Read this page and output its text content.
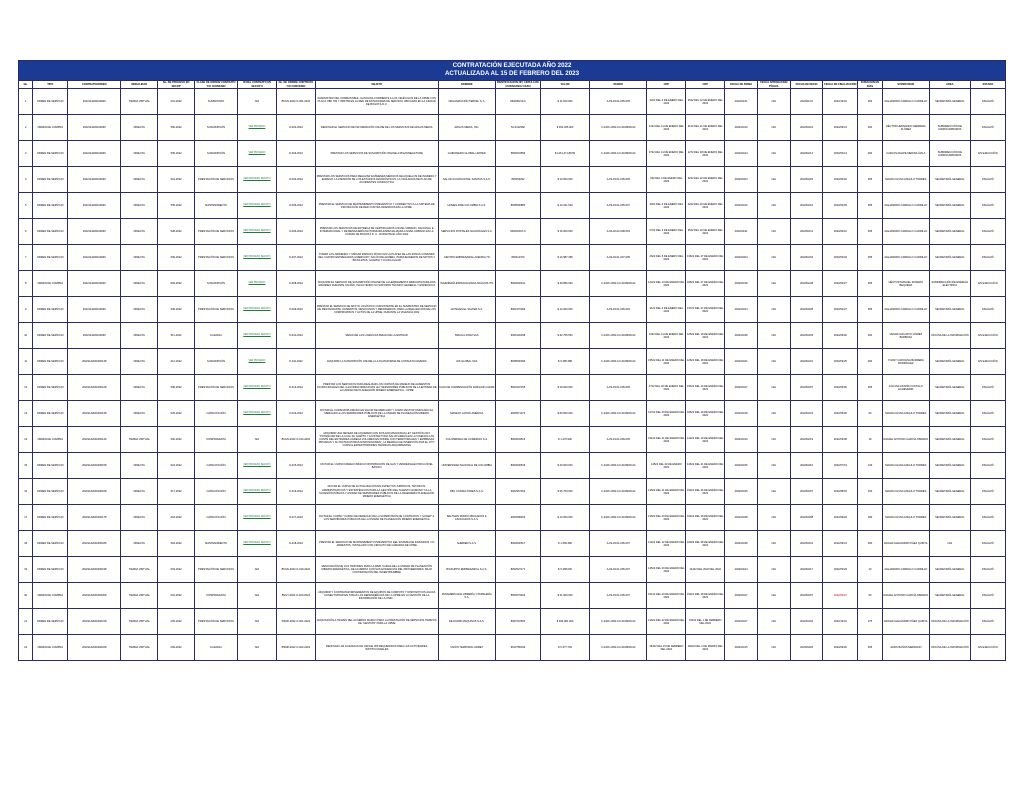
CONTRATACIÓN EJECUTADA AÑO 2022
ACTUALIZADA AL 15 DE FEBRERO DEL 2023																						

No.	TIPO	CONTRATO/ORDEN	MODALIDAD	No. DE PROCESO EN SECOP	CLASE DE ORDEN/ CONTRATO Y/O CONVENIO	ID DEL CONTRATO EN SECOP II	No. DE ORDEN/ CONTRATO Y/O CONVENIO	OBJETO	NOMBRE	IDENTIFICACIÓN NIT, CEDULA DE CIUDADANIA/ CEDU	VALOR	RUBRO	CDP	CRP	FECHA DE FIRMA	FECHA APROBACIÓN PÓLIZA	FECHA DE INICIO	FECHA DE FINALIZACIÓN	DURACIÓN EN DÍAS	SUPERVISOR	ÁREA	ESTADO
1	ORDEN DE SERVICIO	2022114200100006	TIENDA VIRTUAL	001-2022	SUMINISTRO	N/A	BVGN-2022 O-001-2022	SUMINISTRO DEL COMBUSTIBLE, GASOLINA CORRIENTE A LOS VEHÍCULOS DE LA UPME CON PLACA OBF 783 Y OBF783 EN LA RED DE ESTACIONES DE SERVICIO UBICADAS EN LA CIUDAD DE BOGOTÁ D.C.	ORGANIZACIÓN TERPEL S. A.	830095213-0	$ 11.000.000	A-03-03-01-005-005	3222 DEL 6 DE ENERO DEL 2022	2522 DEL 12 DE ENERO DEL 2022	2022/02/11	N/A	2022/01/11	2022/12/31	352	ALEJANDRO CARRILLO CARRILLO	SECRETARÍA GENERAL	FINALIZÓ
2	ORDEN DE COMPRA	2022114200100036	DIRECTA	506-2022	SUSCRIPCIÓN	VER PROCESO	O-002-2022	RENOVAR EL SERVICIO DE INFORMACIÓN ONLINE DE LOS SERVICIOS DE ARGUS MEDIA	ARGUS MEDIA, INC.	52-2132382	$ 362.465.000	C-2106-1000-0-0-2108003-02	3122 DEL 11 DE ENERO DEL 2022	3122 DEL 21 DE ENERO DEL 2022	2022/02/10	N/A	2022/04/01	2023/03/31	364	HÉCTOR HERNANDO HERRERA FLÓREZ	SUBDIRECCIÓN DE HIDROCARBUROS	FINALIZÓ
3	ORDEN DE SERVICIO	2022114200100036	DIRECTA	505-2022	SUSCRIPCIÓN	VER PROCESO	O-003-2022	PRESTAR LOS SERVICIOS DE SUSCRIPCIÓN ONLINE A RIGZONE/ACTURE	GUIDONERO GLOBAL LIMITED	5500034559	$ 146.147.188,50	C-2106-1000-0-0-2108003-02	3722 DEL 11 DE ENERO DEL 2022	1272 DEL 18 DE ENERO DEL 2022	2022/02/14	N/A	2022/02/14	2023/02/13	364	CARLOS FELIPE MEDINA ÁVILA	SUBDIRECCIÓN DE HIDROCARBUROS	EN EJECUCIÓN
4	ORDEN DE SERVICIO	2022114200100036	DIRECTA	524-2022	PRESTACIÓN DE SERVICIOS	VER PROCESO SECOP II	O-004-2022	PRESTAR LOS SERVICIOS PARA REALIZAR EXÁMENES MÉDICOS DE AQUELLOS DE INGRESO Y EGRESO, LA ATENCIÓN DE LOS ESTUDIOS DIAGNÓSTICOS, LA VIGILANCIA DE PLAN DE ACCIDENTES CONDUCTICA	SALUD OCUPACIONAL SANITAS S.A.S.	830054292	$ 13.000.000	A-03-03-01-005-005	932 DEL 3 DE ENERO DEL 2022	3222 DEL 22 DE ENERO DEL 2022	2022/02/03	N/A	2022/02/03	2023/02/02	365	MAGDA ILIANA ANGULO TORRES	SECRETARÍA GENERAL	FINALIZÓ
5	ORDEN DE SERVICIO	2022114200100036	DIRECTA	505-2022	MANTENIMIENTO	VER PROCESO SECOP II	O-005-2022	PRESTAR EL SERVICIO DE MANTENIMIENTO PREVENTIVO Y CORRECTIVO A LA SISTEMA DE PROTECCIÓN DE RED CONTRA INCENDIOS EN LA UPME.	HOMES FIRE COLOMBIA S.A.S.	8008500880	$ 14.021.540	A-03-03-01-005-007	3022 DEL 6 DE ENERO DEL 2022	4222 DEL 20 DE ENERO DEL 2022	2022/02/10	N/A	2022/02/10	2023/02/09	365	ALEJANDRO CARRILLO CARRILLO	SECRETARÍA GENERAL	FINALIZÓ
6	ORDEN DE SERVICIO	2022114200100036	DIRECTA	528-2022	PRESTACIÓN DE SERVICIOS	VER PROCESO SECOP II	O-006-2022	PRESTAR LOS SERVICIOS DE ENTREGA DE CERTIFICADOS A NIVEL URBANO, NACIONAL E INTERNACIONAL Y DE MENSAJERÍA MOTORIZADA ESPECIALIZADA A NIVEL URBANO EN LA CIUDAD DE BOGOTÁ D. C., DURANTE EL AÑO 2022	SERVICIOS POSTALES NACIONALES S.A.	900062917-9	$ 16.000.000	A-02-02-02-008-003	2722 DEL 6 DE ENERO DEL 2022	3522 DEL 22 DE ENERO DEL 2022	2022/02/11	N/A	2022/02/11	2023/02/10	365	ALEJANDRO CARRILLO CARRILLO	SECRETARÍA GENERAL	FINALIZÓ
7	ORDEN DE SERVICIO	2022114200100036	DIRECTA	609-2022	PRESTACIÓN DE SERVICIOS	VER PROCESO SECOP II	O-007-2022	TOMAR LOS ARRIENDO Y UBICAR ESPACIO FÍSICO EN LA PLATEA DE LAS ZONAS COMUNES DEL CUATRO ENTREGADOS A MERCURY, SALÓN DE ALMERA, PARQUEADEROS DE MOTOS Y BICICLETAS, GUARDA Y AYUDA ALGAR	CENTRO EMPRESARIAL AVENIDA 7N	800012700	$ 14.987.368	A-03-03-01-007-005	2622 DEL 6 DE ENERO DEL 2022	13622 DEL 27 DE ENERO DEL 2022	2022/02/04	N/A	2022/02/04	2023/02/03	365	ALEJANDRO CARRILLO CARRILLO	SECRETARÍA GENERAL	FINALIZÓ
8	ORDEN DE COMPRA	2022114200100006	DIRECTA	609-2022	SUSCRIPCIÓN	VER PROCESO	O-008-2022	ADQUIRIR EL SERVICIO DE SUSCRIPCIÓN ONLINE DE LA HERRAMIENTA WEB DATA PARA DOS GRANDES DURANTE UN AÑO, INCLUYENDO SU SOPORTE TÉCNICO GENERAL Y ESPECÍFICO	INGENIERÍA ESPECIALIZADA ANÁLISIS ITN	8000602341	$ 49.856.020	C-2106-1000-0-0-2108003-02	12422 DEL 13 DE ENERO DEL 2022	18622 DEL 27 DE ENERO DEL 2022	2022/02/18	N/A	2022/02/28	2023/02/27	365	HÉCTOR MANUEL ROSERO BEQUERA	SUBDIRECCIÓN DE ENERGÍA ELÉCTRICA	EN EJECUCIÓN
9	ORDEN DE SERVICIO	2022114200100036	DIRECTA	606-2022	PRESTACIÓN DE SERVICIOS	VER PROCESO SECOP II	O-009-2022	PRESTAR EL SERVICIO DE APOYO LOGÍSTICO CONSISTENTE EN EL SUMINISTRO DE SERVICIO DE RESTAURANTE, ALIMENTOS, DESAYUNOS Y REFRIGERIOS, PARA LA REALIZACIÓN DE LOS COMPROMISOS Y ACTOS DE LA UPME, DURANTE LA VIGENCIA 2022	HOTELES EL SALTER S.A.	8002470069	$ 14.000.000	A-03-03-01-006-003	3122 DEL 6 DE ENERO DEL 2022	13722 DEL 27 DE ENERO DEL 2022	2022/02/24	N/A	2022/03/28	2023/02/27	365	ALEJANDRO CARRILLO CARRILLO	SECRETARÍA GENERAL	FINALIZÓ
10	ORDEN DE SERVICIO	2022114200100036	DIRECTA	511-2022	LICENCIA	VER PROCESO SECOP II	O-010-2022	RENOVAR LAS LICENCIAS BIZAGI DE LA ENTIDAD	BIZAGI LATAM SAS	9009120348	$ 42.765.554	C-2106-1000-0-0-2108003-02	3422 DEL 11 DE ENERO DEL 2022	12522 DEL 18 DE ENERO DEL 2022	2022/02/28	N/A	2022/03/03	2023/03/02	364	CESAR AUGUSTO GÓMEZ BARBOSA	OFICINA DE LA INFORMACIÓN	EN EJECUCIÓN
11	ORDEN DE SERVICIO	20221142001000138	DIRECTA	612-2022	SUSCRIPCIÓN	VER PROCESO	O-011-2022	ADQUIRIR LA SUSCRIPCIÓN ONLINE A LA PLATAFORMA DE CONSULTA IHS/IEDA	IHS GLOBAL SAS	8008500096	$ 9.486.388	C-2106-1000-0-0-2108003-02	15522 DEL 11 DE ENERO DEL 2022	12622 DEL 18 DE ENERO DEL 2022	2022/02/21	N/A	2022/04/01	2023/03/25	364	YOANY CAROLINA BARRERA RODRÍGUEZ	SECRETARÍA GENERAL	EN EJECUCIÓN
12	ORDEN DE SERVICIO	20221142001000128	DIRECTA	508-2022	PRESTACIÓN DE SERVICIOS	VER PROCESO SECOP II	O-012-2022	PRESTAR LOS SERVICIOS PARA REALIZAR LOS CURSOS DE MANEJO DE ALIMENTOS OCUPACIONALES DEL A ACUDIDA DIRECTIVAS LEY SERVIDORES PÚBLICOS DE LA ENTIDAD DE LA UNIDAD DE PLANEACIÓN MINERO ENERGÉTICA - UPME	CAJA DE COMPENSACIÓN FAMILIAR CAFAM	8600197155	$ 19.000.000	A-03-03-01-005-005	4722 DEL 20 DE ENERO DEL 2022	15422 DEL 24 DE ENERO DEL 2022	2022/02/27	N/A	2022/03/07	2023/03/06	365	JULIANA ASTRID CASTILLO ECHEVERRI	SECRETARÍA GENERAL	FINALIZÓ
13	ORDEN DE SERVICIO	20221142001000138	DIRECTA	525-2022	CAPACITACIÓN	VER PROCESO SECOP II	O-013-2022	DICTAR EL CURSO/DIPLOMADO EN VALOR DE MERCADO Y COMO-VECTOR UNIFICADO EL MERCADO A LOS SERVIDORES PÚBLICOS DE LA UNIDAD DE PLANEACIÓN MINERO ENERGÉTICA	MANEJO LATINO AMÉRICA	9000571373	$ 50.500.000	C-2106-1000-0-0-2108003-02	14722 DEL 20 DE ENERO DEL 2022	18622 DEL 29 DE ENERO DEL 2022	2022/02/18	N/A	2022/03/01	2022/04/30	60	MAGDA ILIANA ANGULO TORRES	SECRETARÍA GENERAL	FINALIZÓ
14	ORDEN DE COMPRA	20221142001000149	TIENDA VIRTUAL	600-2022	COMPRAVENTA	N/A	BVGN-2022 O-014-2022	ADQUIRIR UNA NEVERA DE AQUAREDI CON DOS EXQUISICIONAS LEY GESTIÓN 2017 "POTENCIAR DE LA CUAL SU ACEPTA Y AJUSTAR TODA SALUD AMELIA EN LA VIGENCIA LAS CONTÉ DEL ENTIDADES AGREGA VOLUMEN EN DONDE CON TERRITORIALES Y EMPRESAS PRIVADAS Y SU DICTAN ATORAS DISPOSICIONES", LA MEDIDA FUE INSERCIÓN POR EL CITY CONSUL EXPEDITORIONES TEÓRICAS ADQUIRIENTES	COLOMBIANA DE COMERCIO S.A.	8900004516	$ 1.470.900	A-03-01-01-009-005	15122 DEL 31 DE ENERO DEL 2022	14222 DEL 19 DE ENERO DEL 2022	2022/02/19	N/A	2022/02/19	2022/03/08	19	RAFAEL ANTONIO GARCÍA OBANDO	SECRETARÍA GENERAL	FINALIZÓ
15	ORDEN DE SERVICIO	20221142001000158	DIRECTA	524-2022	CAPACITACIÓN	VER PROCESO SECOP II	O-015-2022	DICTAR EL CURSO MANEJO BÁSICO DISTRIBUCIÓN DE GAS Y VENDER ELÉCTRICA NIVEL BÁSICO	UNIVERSIDAD NACIONAL DE COLOMBIA	8000000633	$ 20.000.000	C-2106-1000-0-0-2108003-02	14522 DEL 20 DE ENERO 2022	14622 DEL 21 DE ENERO DEL 2022	2022/02/25	N/A	2022/03/10	2022/07/19	130	MAGDA ILIANA ANGULO TORRES	SECRETARÍA GENERAL	FINALIZÓ
16	ORDEN DE SERVICIO	20221142001000168	DIRECTA	617-2022	CAPACITACIÓN	VER PROCESO SECOP II	O-016-2022	DICTAR EL CURSO DE ACTUALIZACIÓN EN ASPECTOS JURÍDICOS, TÉCNICOS, ADMINISTRATIVOS Y ESTRATÉGICOS PARA LA GESTIÓN DEL TALENTO HUMANO Y/A LA SUCESIÓN PÚBLICA Y UNIDAD DE SERVIDORES PÚBLICOS DE LA INGENIERÍA PLANEACIÓN MINERO ENERGÉTICA	FBC CONSULTORES S.A.S.	9002957362	$ 26.700.000	C-2106-1000-0-0-2108003-02	14522 DEL 21 DE ENERO DEL 2022	15222 DEL 26 DE ENERO DEL 2022	2022/02/25	N/A	2022/03/07	2022/08/03	150	MAGDA ILIANA ANGULO TORRES	SECRETARÍA GENERAL	FINALIZÓ
17	ORDEN DE SERVICIO	20221142001000178	DIRECTA	618-2022	CAPACITACIÓN	VER PROCESO SECOP II	O-017-2022	DICTAR EL CURSO "CURSO DE DERECHO DE LA SUPERVISIÓN DE CONTRATOS Y SUCEP" A LOS SERVIDORES PÚBLICOS DE LA UNIDAD DE PLANEACIÓN MINERO ENERGÉTICA	BALTMAN PARDO ABOGADOS & ASOCIADOS S.A.S.	9000058200	$ 13.000.000	C-2106-1000-0-0-2108003-02	13522 DEL 20 DE ENERO DEL 2022	16422 DEL 28 DE ENERO DEL 2022	2022/02/28	N/A	2022/03/08	2022/09/04	180	MAGDA ILIANA ANGULO TORRES	SECRETARÍA GENERAL	FINALIZÓ
18	ORDEN DE SERVICIO	20221142001000186	DIRECTA	618-2022	MANTENIMIENTO	VER PROCESO SECOP II	O-018-2022	PRESTAR EL SERVICIO DE MANTENIMIENTO PREVENTIVO DEL SISTEMA DE INCENDIOS Y/O ARRESTOS, INSTALADO CON CIRCUITO DE CÁMARAS DE UPME	SHEBIEM S.A.S.	8000602517	$ 1.469.380	A-03-03-01-005-007	11222 DEL 12 DE ENERO DEL 2022	16922 DEL 28 DE ENERO DEL 2022	2022/02/28	N/A	2022/03/01	2022/03/31	360	EDGAR ALEJANDRO PÁEZ QUINTA	OGI	FINALIZÓ
19	ORDEN DE SERVICIO	20221142001000198	TIENDA VIRTUAL	003-2022	PRESTACIÓN DE SERVICIOS	N/A	BVGN-2022 O-019-2022	RENOVACIÓN DE LOS TRIPODES PARA LA WEB, CARGA DE LA UNIDAD DE PLANEACIÓN MINERO ENERGÉTICA, DE ACUERDO CON SUS EXIGENCIAS DEL PROVEEDORES, BAJO CONTRATACIÓN DEL INCERTIDUMBRE	BIGSUPPO EMPRESARIAL S.A.S.	8002527171	$ 5.468.000	A-03-03-01-005-007	14522 DEL 20 DE ENERO DEL 2022	14422 DEL 2022 DEL 2022	2022/03/14	N/A	2022/03/17	2022/03/29	13	ALEJANDRO CARRILLO CARRILLO	SECRETARÍA GENERAL	FINALIZÓ
20	ORDEN DE COMPRA	20221142001000208	TIENDA VIRTUAL	004-2022	COMPRAVENTA	N/A	BVGT-2022 O-020-2022	ADQUIRIR Y CONTRATAR IMPLEMENTOS DE EQUIPOS DE CÓMPUTO Y DISPOSITIVOS AGUAS CONECTIVIDAD EN TODAS LAS DEPENDENCIAS DE LA UPME EN LA GESTIÓN DE LA INFORMACIÓN DE LA UNID...	PANAMERICANA LIBRERÍA Y PAPELERÍA S.A.	8600079463	$ 31.960.000	A-03-03-01-005-007	15122 DEL 20 DE ENERO DEL 2022	15222 DEL 18 DE ENERO DEL 2022	2022/02/27	N/A	2022/03/07	2022/03/07	60	RAFAEL ANTONIO GARCÍA OBANDO	SECRETARÍA GENERAL	FINALIZÓ
21	ORDEN DE SERVICIO	20221142001000218	TIENDA VIRTUAL	005-2022	PRESTACIÓN DE SERVICIOS	N/A	50000-2022 O-021-2022	ADQUISICIÓN A TRAVÉS DEL ACUERDO MARCO PARA LA PRESTACIÓN DE SERVICIOS TIEMPOS DE "GESTIÓN" PARA LA UPME	DE DURMI MAQUINAS S.A.S.	8000716500	$ 390.081.450	C-2106-1000-0-0-2108003-02	14622 DEL 22 DE ENERO DEL 2022	15222 DEL 1 DE FEBRERO DEL 2022	2022/02/27	N/A	2022/03/02	2022/12/31	275	EDGAR ALEJANDRO PÁEZ QUINTA	OFICINA DE LA INFORMACIÓN	FINALIZÓ
22	ORDEN DE COMPRA	20221142001000228	TIENDA VIRTUAL	099-2022	LICENCIA	N/A	85008-2022 O-022-2022	RENOVAR LAS LICENCIAS DE OFFICE 365 REQUERIDOS PARA LAS ACTIVIDADES INSTITUCIONALES	UNIÓN TEMPORAL ARMET	9013756169	$ 6.377.749	C-2106-1000-0-0-2108003-02	15422 DEL 15 DE FEBRERO DEL 2022	16022 DEL 2 DE MARZO DEL 2022	2022/02/15	N/A	2023/03/20	2023/03/20	365	JAIRO BAÑOS MEDRANO	OFICINA DE LA INFORMACIÓN	EN EJECUCIÓN
